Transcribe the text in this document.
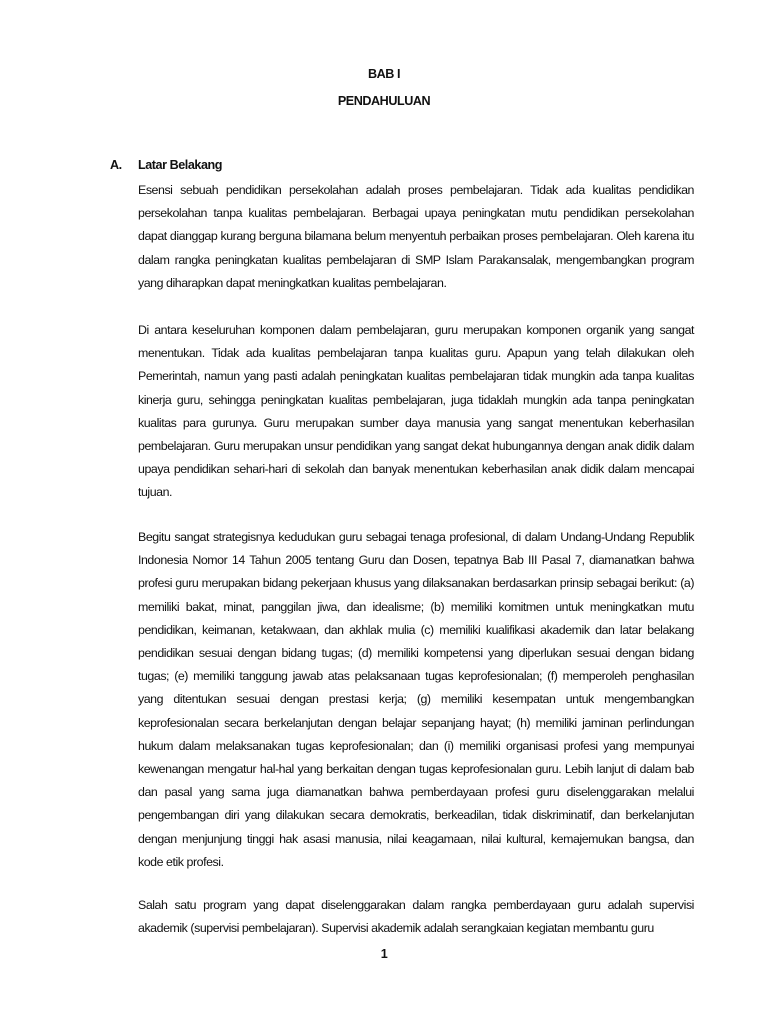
BAB I
PENDAHULUAN
A. Latar Belakang

Esensi sebuah pendidikan persekolahan adalah proses pembelajaran. Tidak ada kualitas pendidikan persekolahan tanpa kualitas pembelajaran. Berbagai upaya peningkatan mutu pendidikan persekolahan dapat dianggap kurang berguna bilamana belum menyentuh perbaikan proses pembelajaran. Oleh karena itu dalam rangka peningkatan kualitas pembelajaran di SMP Islam Parakansalak, mengembangkan program yang diharapkan dapat meningkatkan kualitas pembelajaran.

Di antara keseluruhan komponen dalam pembelajaran, guru merupakan komponen organik yang sangat menentukan. Tidak ada kualitas pembelajaran tanpa kualitas guru. Apapun yang telah dilakukan oleh Pemerintah, namun yang pasti adalah peningkatan kualitas pembelajaran tidak mungkin ada tanpa kualitas kinerja guru, sehingga peningkatan kualitas pembelajaran, juga tidaklah mungkin ada tanpa peningkatan kualitas para gurunya. Guru merupakan sumber daya manusia yang sangat menentukan keberhasilan pembelajaran. Guru merupakan unsur pendidikan yang sangat dekat hubungannya dengan anak didik dalam upaya pendidikan sehari-hari di sekolah dan banyak menentukan keberhasilan anak didik dalam mencapai tujuan.

Begitu sangat strategisnya kedudukan guru sebagai tenaga profesional, di dalam Undang-Undang Republik Indonesia Nomor 14 Tahun 2005 tentang Guru dan Dosen, tepatnya Bab III Pasal 7, diamanatkan bahwa profesi guru merupakan bidang pekerjaan khusus yang dilaksanakan berdasarkan prinsip sebagai berikut: (a) memiliki bakat, minat, panggilan jiwa, dan idealisme; (b) memiliki komitmen untuk meningkatkan mutu pendidikan, keimanan, ketakwaan, dan akhlak mulia (c) memiliki kualifikasi akademik dan latar belakang pendidikan sesuai dengan bidang tugas; (d) memiliki kompetensi yang diperlukan sesuai dengan bidang tugas; (e) memiliki tanggung jawab atas pelaksanaan tugas keprofesionalan; (f) memperoleh penghasilan yang ditentukan sesuai dengan prestasi kerja; (g) memiliki kesempatan untuk mengembangkan keprofesionalan secara berkelanjutan dengan belajar sepanjang hayat; (h) memiliki jaminan perlindungan hukum dalam melaksanakan tugas keprofesionalan; dan (i) memiliki organisasi profesi yang mempunyai kewenangan mengatur hal-hal yang berkaitan dengan tugas keprofesionalan guru. Lebih lanjut di dalam bab dan pasal yang sama juga diamanatkan bahwa pemberdayaan profesi guru diselenggarakan melalui pengembangan diri yang dilakukan secara demokratis, berkeadilan, tidak diskriminatif, dan berkelanjutan dengan menjunjung tinggi hak asasi manusia, nilai keagamaan, nilai kultural, kemajemukan bangsa, dan kode etik profesi.

Salah satu program yang dapat diselenggarakan dalam rangka pemberdayaan guru adalah supervisi akademik (supervisi pembelajaran). Supervisi akademik adalah serangkaian kegiatan membantu guru

1
